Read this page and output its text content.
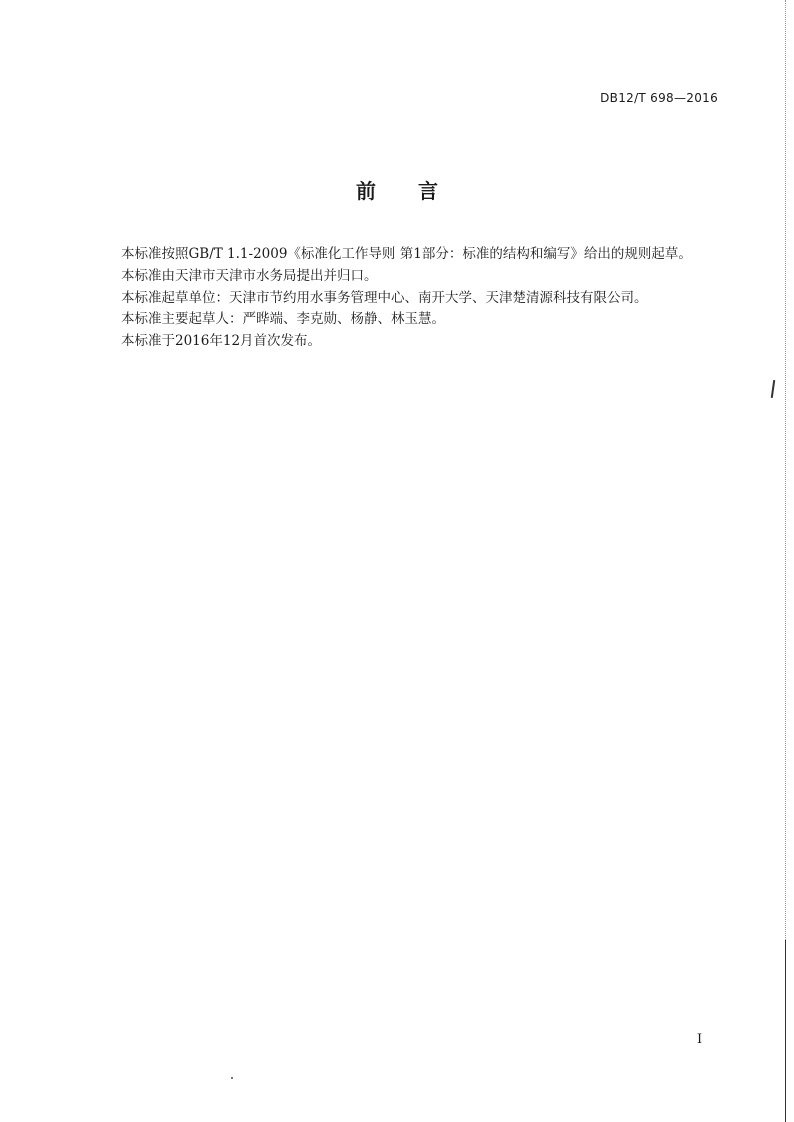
DB12/T 698—2016
前 言

本标准按照GB/T 1.1-2009《标准化工作导则 第1部分：标准的结构和编写》给出的规则起草。

本标准由天津市天津市水务局提出并归口。

本标准起草单位：天津市节约用水事务管理中心、南开大学、天津楚清源科技有限公司。

本标准主要起草人：严晔端、李克勋、杨静、林玉慧。

本标准于2016年12月首次发布。

I
